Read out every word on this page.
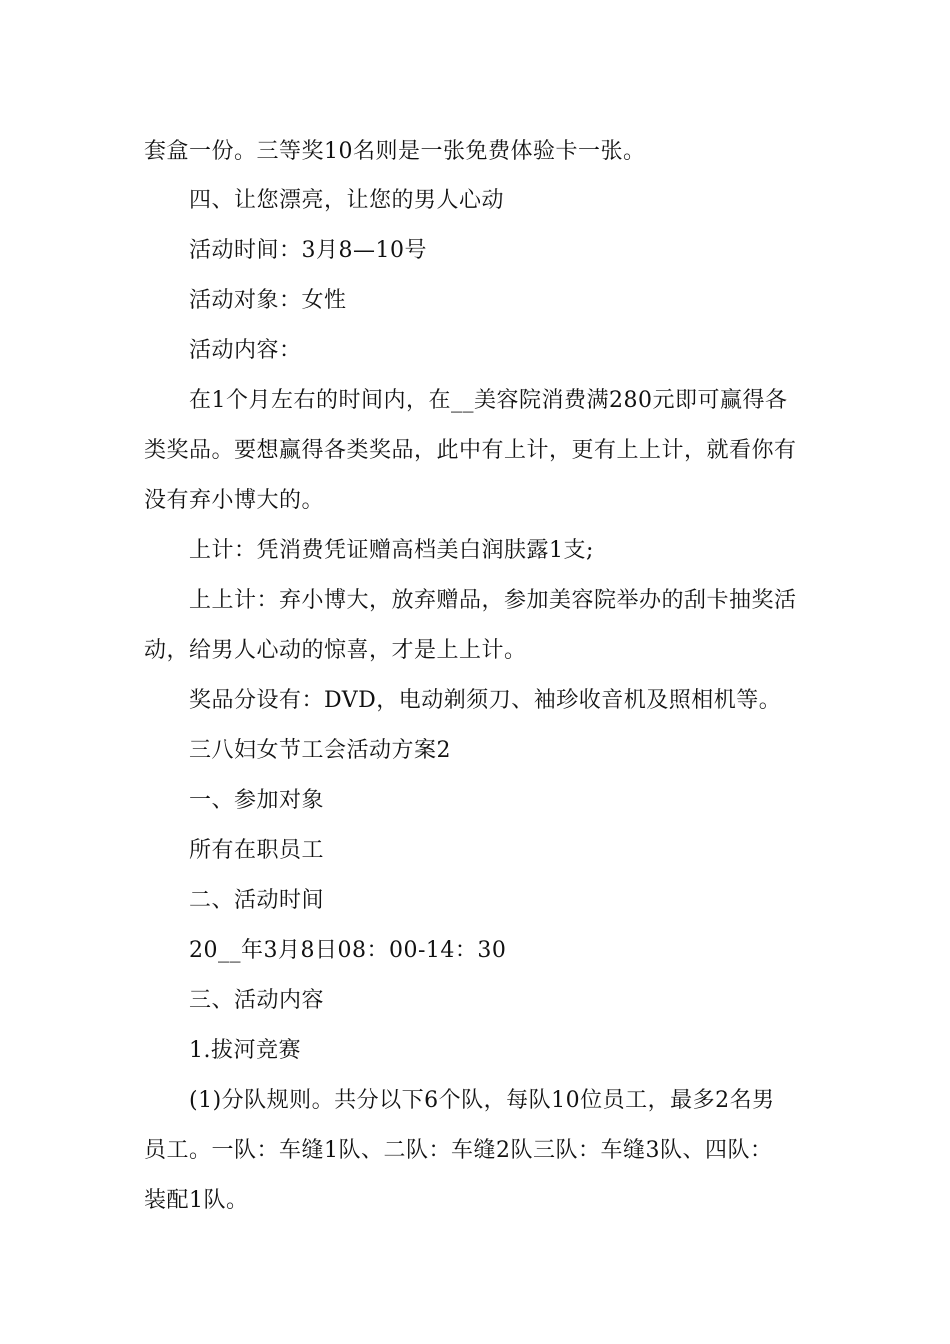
套盒一份。三等奖10名则是一张免费体验卡一张。
四、让您漂亮，让您的男人心动
活动时间：3月8—10号
活动对象：女性
活动内容：
在1个月左右的时间内，在__美容院消费满280元即可赢得各
类奖品。要想赢得各类奖品，此中有上计，更有上上计，就看你有
没有弃小博大的。
上计：凭消费凭证赠高档美白润肤露1支;
上上计：弃小博大，放弃赠品，参加美容院举办的刮卡抽奖活
动，给男人心动的惊喜，才是上上计。
奖品分设有：DVD，电动剃须刀、袖珍收音机及照相机等。
三八妇女节工会活动方案2
一、参加对象
所有在职员工
二、活动时间
20__年3月8日08：00-14：30
三、活动内容
1.拔河竞赛
(1)分队规则。共分以下6个队，每队10位员工，最多2名男
员工。一队：车缝1队、二队：车缝2队三队：车缝3队、四队：
装配1队。
